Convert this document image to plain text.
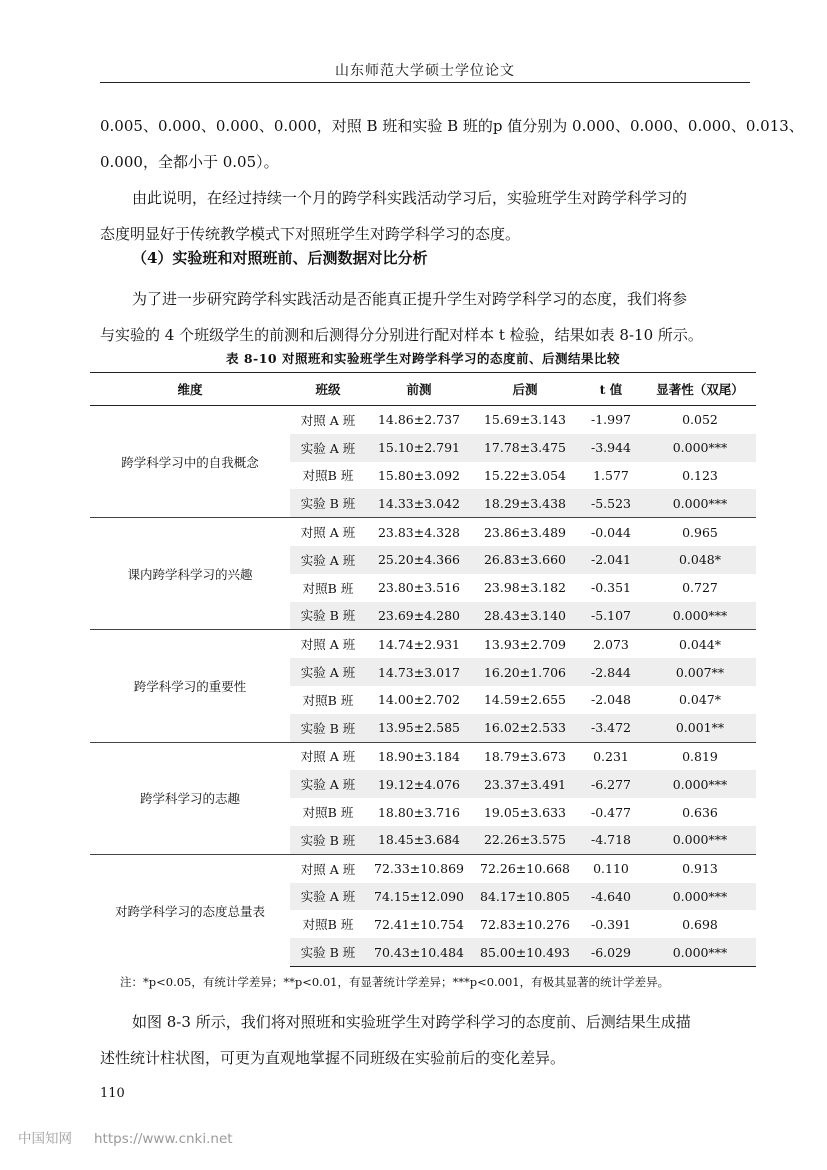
山东师范大学硕士学位论文
0.005、0.000、0.000、0.000，对照 B 班和实验 B 班的p 值分别为 0.000、0.000、0.000、0.013、
0.000，全都小于 0.05）。
由此说明，在经过持续一个月的跨学科实践活动学习后，实验班学生对跨学科学习的
态度明显好于传统教学模式下对照班学生对跨学科学习的态度。
（4）实验班和对照班前、后测数据对比分析
为了进一步研究跨学科实践活动是否能真正提升学生对跨学科学习的态度，我们将参
与实验的 4 个班级学生的前测和后测得分分别进行配对样本 t 检验，结果如表 8-10 所示。
表 8-10 对照班和实验班学生对跨学科学习的态度前、后测结果比较
维度	班级	前测	后测	t 值	显著性（双尾）
跨学科学习中的自我概念	对照 A 班	14.86±2.737	15.69±3.143	-1.997	0.052
	实验 A 班	15.10±2.791	17.78±3.475	-3.944	0.000***
	对照B 班	15.80±3.092	15.22±3.054	1.577	0.123
	实验 B 班	14.33±3.042	18.29±3.438	-5.523	0.000***
课内跨学科学习的兴趣	对照 A 班	23.83±4.328	23.86±3.489	-0.044	0.965
	实验 A 班	25.20±4.366	26.83±3.660	-2.041	0.048*
	对照B 班	23.80±3.516	23.98±3.182	-0.351	0.727
	实验 B 班	23.69±4.280	28.43±3.140	-5.107	0.000***
跨学科学习的重要性	对照 A 班	14.74±2.931	13.93±2.709	2.073	0.044*
	实验 A 班	14.73±3.017	16.20±1.706	-2.844	0.007**
	对照B 班	14.00±2.702	14.59±2.655	-2.048	0.047*
	实验 B 班	13.95±2.585	16.02±2.533	-3.472	0.001**
跨学科学习的志趣	对照 A 班	18.90±3.184	18.79±3.673	0.231	0.819
	实验 A 班	19.12±4.076	23.37±3.491	-6.277	0.000***
	对照B 班	18.80±3.716	19.05±3.633	-0.477	0.636
	实验 B 班	18.45±3.684	22.26±3.575	-4.718	0.000***
对跨学科学习的态度总量表	对照 A 班	72.33±10.869	72.26±10.668	0.110	0.913
	实验 A 班	74.15±12.090	84.17±10.805	-4.640	0.000***
	对照B 班	72.41±10.754	72.83±10.276	-0.391	0.698
	实验 B 班	70.43±10.484	85.00±10.493	-6.029	0.000***
注：*p<0.05，有统计学差异；**p<0.01，有显著统计学差异；***p<0.001，有极其显著的统计学差异。
如图 8-3 所示，我们将对照班和实验班学生对跨学科学习的态度前、后测结果生成描
述性统计柱状图，可更为直观地掌握不同班级在实验前后的变化差异。
110
中国知网 https://www.cnki.net
